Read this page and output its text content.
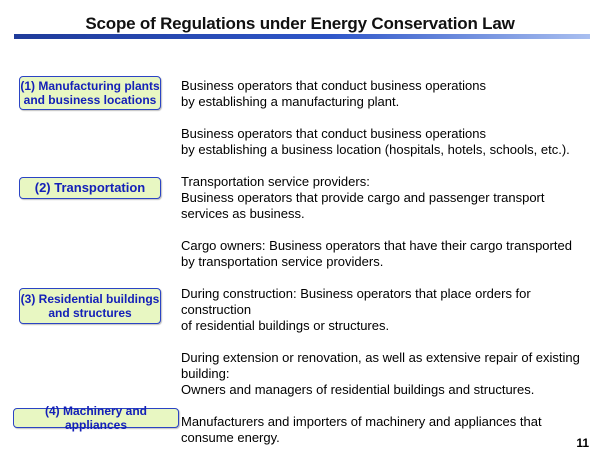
Scope of Regulations under Energy Conservation Law
(1) Manufacturing plants
and business locations
(2) Transportation
(3) Residential buildings
and structures
(4) Machinery and appliances
Business operators that conduct business operations
by establishing a manufacturing plant.
Business operators that conduct business operations
by establishing a business location (hospitals, hotels, schools, etc.).
Transportation service providers:
Business operators that provide cargo and passenger transport
services as business.
Cargo owners: Business operators that have their cargo transported
by transportation service providers.
During construction: Business operators that place orders for
construction
of residential buildings or structures.
During extension or renovation, as well as extensive repair of existing
building:
Owners and managers of residential buildings and structures.
Manufacturers and importers of machinery and appliances that
consume energy.	11
